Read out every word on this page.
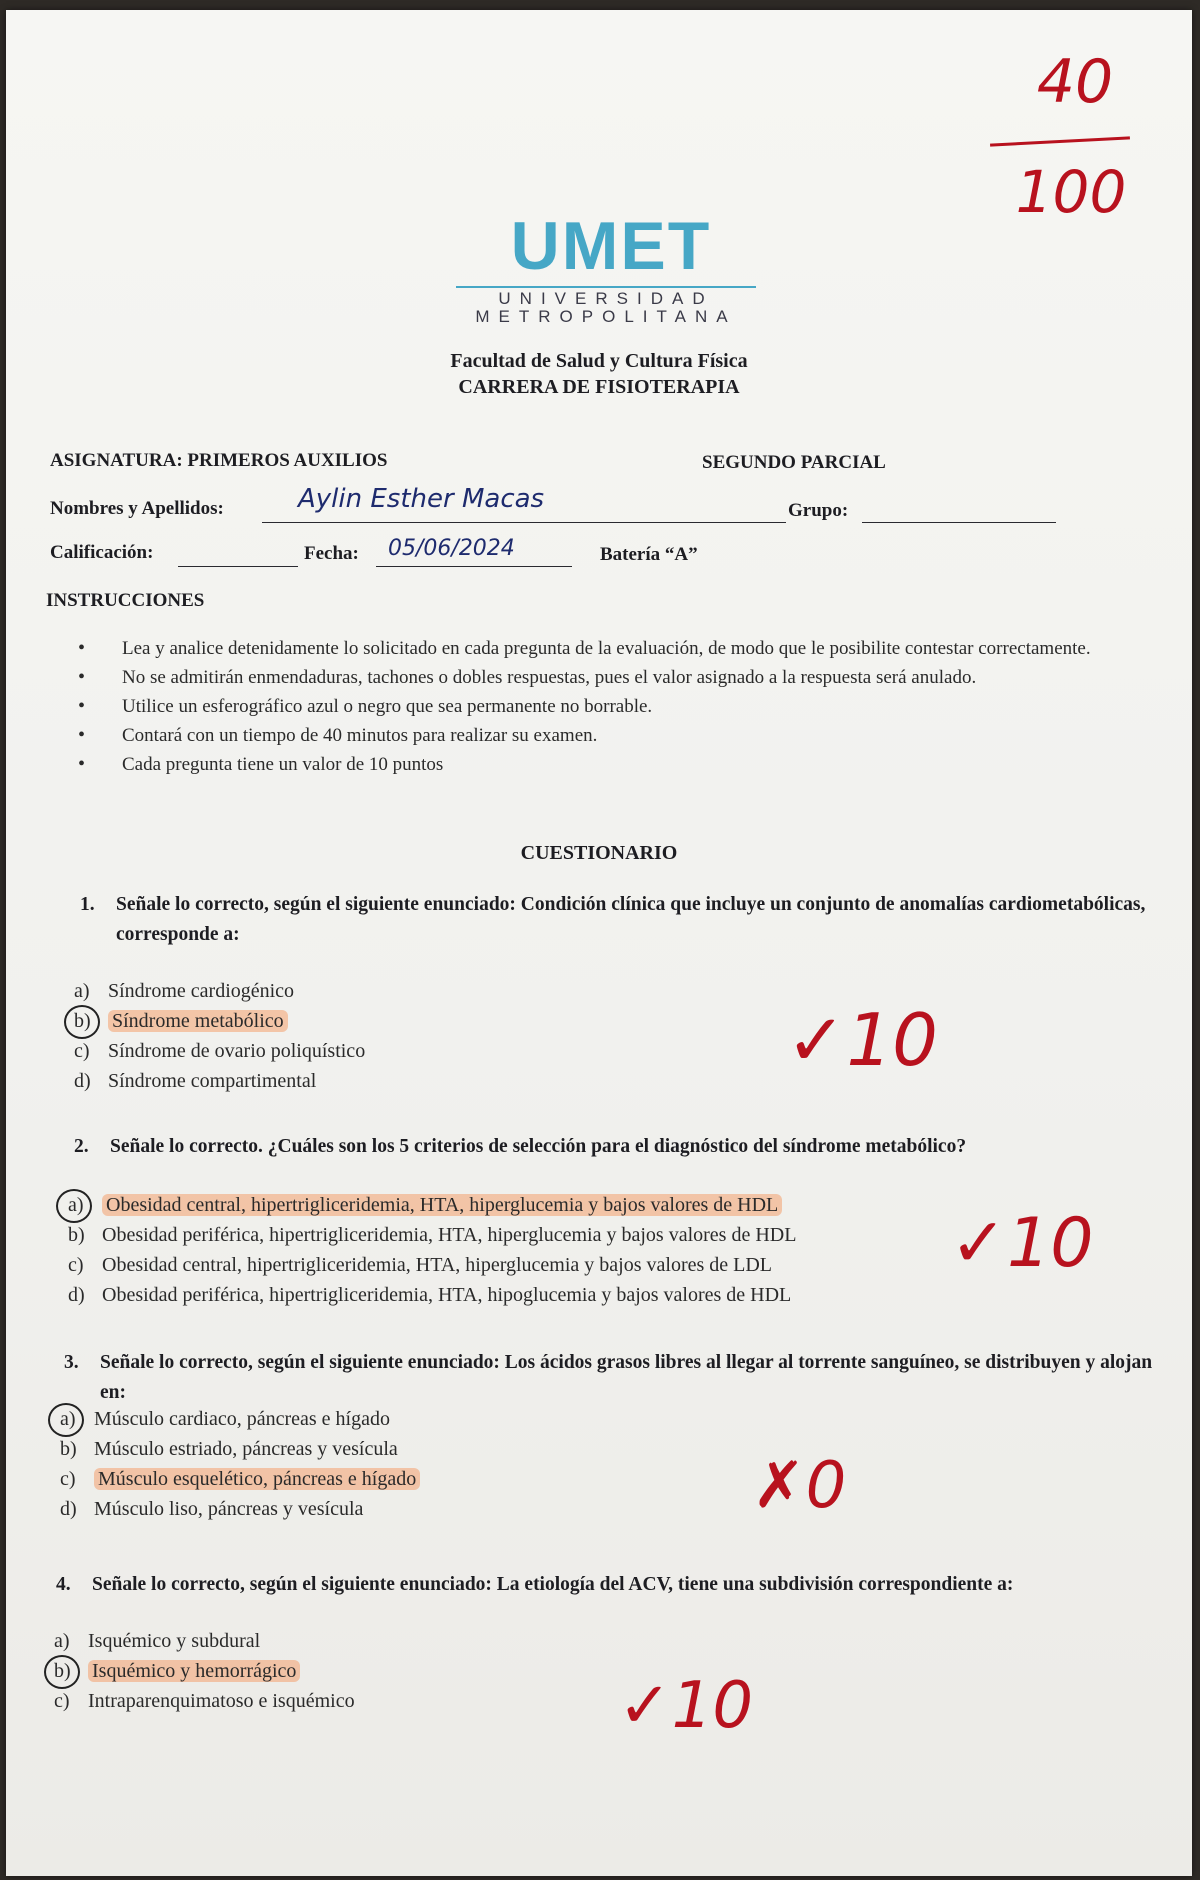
40
100
UMET
UNIVERSIDAD
METROPOLITANA
Facultad de Salud y Cultura Física
CARRERA DE FISIOTERAPIA
ASIGNATURA: PRIMEROS AUXILIOS	SEGUNDO PARCIAL
Nombres y Apellidos:	Aylin Esther Macas	Grupo:
Calificación:	Fecha: 05/06/2024	Batería “A”
INSTRUCCIONES
• Lea y analice detenidamente lo solicitado en cada pregunta de la evaluación, de modo que le posibilite contestar correctamente.
• No se admitirán enmendaduras, tachones o dobles respuestas, pues el valor asignado a la respuesta será anulado.
• Utilice un esferográfico azul o negro que sea permanente no borrable.
• Contará con un tiempo de 40 minutos para realizar su examen.
• Cada pregunta tiene un valor de 10 puntos
CUESTIONARIO
1. Señale lo correcto, según el siguiente enunciado: Condición clínica que incluye un conjunto de anomalías cardiometabólicas, corresponde a:
a) Síndrome cardiogénico
b) Síndrome metabólico
c) Síndrome de ovario poliquístico
d) Síndrome compartimental	✓10
2. Señale lo correcto. ¿Cuáles son los 5 criterios de selección para el diagnóstico del síndrome metabólico?
a) Obesidad central, hipertrigliceridemia, HTA, hiperglucemia y bajos valores de HDL
b) Obesidad periférica, hipertrigliceridemia, HTA, hiperglucemia y bajos valores de HDL
c) Obesidad central, hipertrigliceridemia, HTA, hiperglucemia y bajos valores de LDL
d) Obesidad periférica, hipertrigliceridemia, HTA, hipoglucemia y bajos valores de HDL
✓10
3. Señale lo correcto, según el siguiente enunciado: Los ácidos grasos libres al llegar al torrente sanguíneo, se distribuyen y alojan en:
a) Músculo cardiaco, páncreas e hígado
b) Músculo estriado, páncreas y vesícula
c) Músculo esquelético, páncreas e hígado
d) Músculo liso, páncreas y vesícula	✗0
4. Señale lo correcto, según el siguiente enunciado: La etiología del ACV, tiene una subdivisión correspondiente a:
a) Isquémico y subdural
b) Isquémico y hemorrágico
c) Intraparenquimatoso e isquémico	✓10
